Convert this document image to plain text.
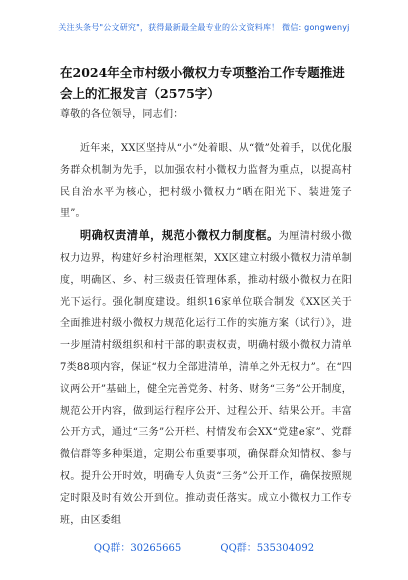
关注头条号"公文研究"，获得最新最全最专业的公文资料库！ 微信: gongwenyj
在2024年全市村级小微权力专项整治工作专题推进会上的汇报发言（2575字）

尊敬的各位领导，同志们：

近年来，XX区坚持从“小”处着眼、从“微”处着手，以优化服务群众机制为先手，以加强农村小微权力监督为重点，以提高村民自治水平为核心，把村级小微权力“晒在阳光下、装进笼子里”。

明确权责清单，规范小微权力制度框。为厘清村级小微权力边界，构建好乡村治理框架，XX区建立村级小微权力清单制度，明确区、乡、村三级责任管理体系，推动村级小微权力在阳光下运行。强化制度建设。组织16家单位联合制发《XX区关于全面推进村级小微权力规范化运行工作的实施方案（试行）》，进一步厘清村级组织和村干部的职责权责，明确村级小微权力清单7类88项内容，保证“权力全部进清单，清单之外无权力”。在“四议两公开”基础上，健全完善党务、村务、财务“三务”公开制度，规范公开内容，做到运行程序公开、过程公开、结果公开。丰富公开方式，通过“三务”公开栏、村情发布会XX“党建e家”、党群微信群等多种渠道，定期公布重要事项，确保群众知情权、参与权。提升公开时效，明确专人负责“三务”公开工作，确保按照规定时限及时有效公开到位。推动责任落实。成立小微权力工作专班，由区委组

QQ群：30265665	QQ群：535304092
